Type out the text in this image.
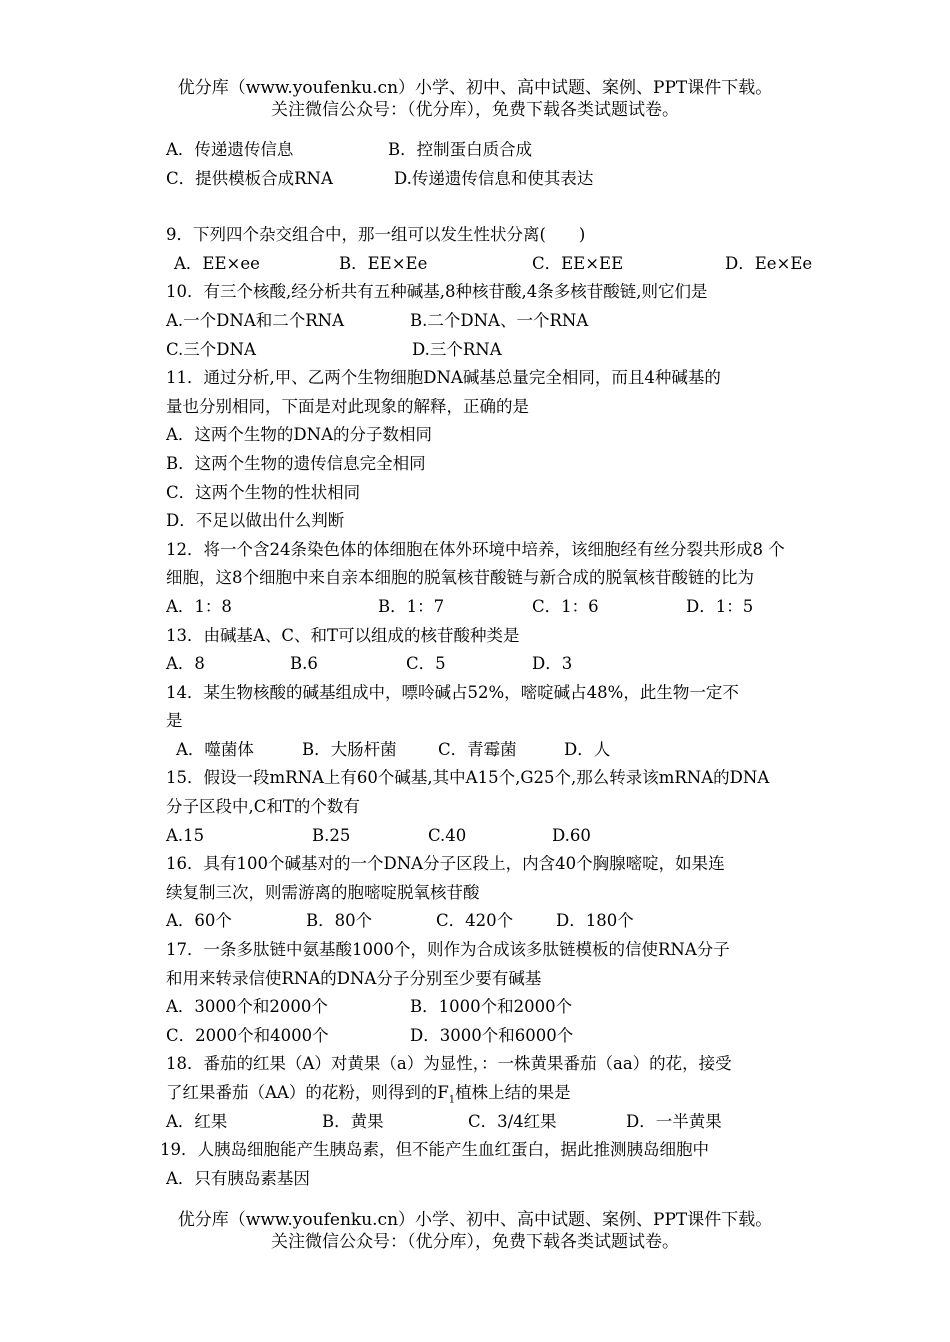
优分库（www.youfenku.cn）小学、初中、高中试题、案例、PPT课件下载。
关注微信公众号：（优分库），免费下载各类试题试卷。
A．传递遗传信息	B．控制蛋白质合成
C．提供模板合成RNA	D.传递遗传信息和使其表达
9．下列四个杂交组合中，那一组可以发生性状分离(　　)
A．EE×ee	B．EE×Ee	C．EE×EE	D．Ee×Ee
10．有三个核酸,经分析共有五种碱基,8种核苷酸,4条多核苷酸链,则它们是
A.一个DNA和二个RNA	B.二个DNA、一个RNA
C.三个DNA	D.三个RNA
11．通过分析,甲、乙两个生物细胞DNA碱基总量完全相同，而且4种碱基的
量也分别相同，下面是对此现象的解释，正确的是
A．这两个生物的DNA的分子数相同
B．这两个生物的遗传信息完全相同
C．这两个生物的性状相同
D．不足以做出什么判断
12．将一个含24条染色体的体细胞在体外环境中培养，该细胞经有丝分裂共形成8 个
细胞，这8个细胞中来自亲本细胞的脱氧核苷酸链与新合成的脱氧核苷酸链的比为
A．1：8	B．1：7	C．1：6	D．1：5
13．由碱基A、C、和T可以组成的核苷酸种类是
A．8	B.6	C．5	D．3
14．某生物核酸的碱基组成中，嘌呤碱占52%，嘧啶碱占48%，此生物一定不
是
A．噬菌体	B．大肠杆菌	C．青霉菌	D．人
15．假设一段mRNA上有60个碱基,其中A15个,G25个,那么转录该mRNA的DNA
分子区段中,C和T的个数有
A.15	B.25	C.40	D.60
16．具有100个碱基对的一个DNA分子区段上，内含40个胸腺嘧啶，如果连
续复制三次，则需游离的胞嘧啶脱氧核苷酸
A．60个	B．80个	C．420个	D．180个
17．一条多肽链中氨基酸1000个，则作为合成该多肽链模板的信使RNA分子
和用来转录信使RNA的DNA分子分别至少要有碱基
A．3000个和2000个	B．1000个和2000个
C．2000个和4000个	D．3000个和6000个
18．番茄的红果（A）对黄果（a）为显性，：一株黄果番茄（aa）的花，接受
了红果番茄（AA）的花粉，则得到的$F_1$植株上结的果是
A．红果	B．黄果	C．3/4红果	D．一半黄果
19．人胰岛细胞能产生胰岛素，但不能产生血红蛋白，据此推测胰岛细胞中
A．只有胰岛素基因
优分库（www.youfenku.cn）小学、初中、高中试题、案例、PPT课件下载。
关注微信公众号：（优分库），免费下载各类试题试卷。
